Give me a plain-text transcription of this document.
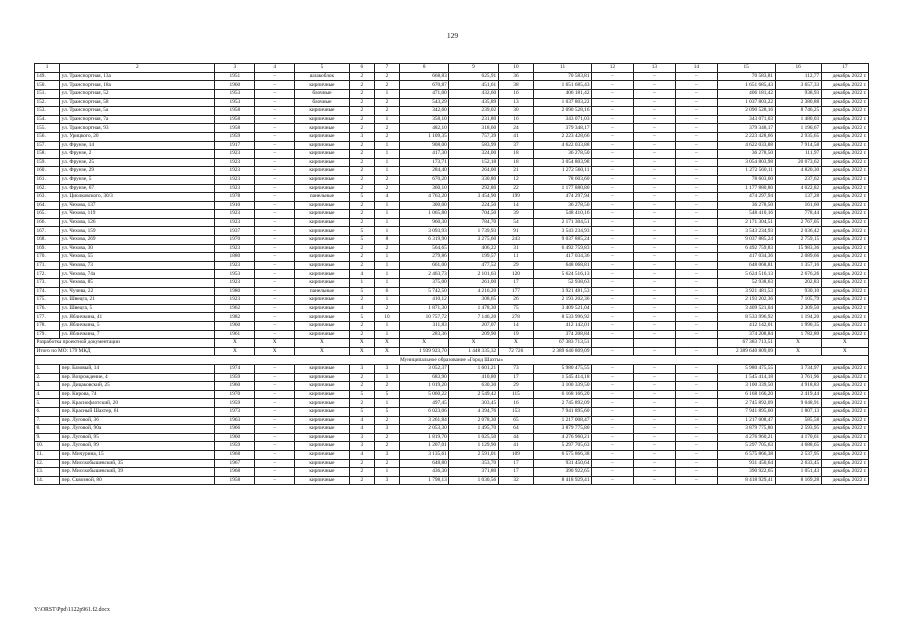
129
1	2	3	4	5	6	7	8	9	10	11	12	13	14	15	16	17
149.	ул. Транспортная, 13а	1951	–	шлакоблок	2	2	668,83	625,91	36	70 583,81	–	–	–	70 583,81	112,77	декабрь 2022 г.
150.	ул. Транспортная, 18а	1960	–	кирпичные	2	2	670,87	451,61	38	1 651 685,43	–	–	–	1 651 685,43	3 657,33	декабрь 2022 г.
151.	ул. Транспортная, 52	1953	–	блочные	2	1	471,00	432,60	16	406 181,42	–	–	–	406 181,42	938,93	декабрь 2022 г.
152.	ул. Транспортная, 58	1953	–	блочные	2	2	543,29	435,89	13	1 037 803,22	–	–	–	1 037 803,22	2 380,88	декабрь 2022 г.
153.	ул. Транспортная, 5а	1958	–	кирпичные	2	2	342,60	239,02	30	2 090 528,16	–	–	–	2 090 528,16	8 746,25	декабрь 2022 г.
154.	ул. Транспортная, 7а	1958	–	кирпичные	2	1	358,10	231,80	16	343 071,03	–	–	–	343 071,03	1 480,03	декабрь 2022 г.
155.	ул. Транспортная, 93	1958	–	кирпичные	2	2	482,10	318,60	24	379 348,17	–	–	–	379 348,17	1 190,67	декабрь 2022 г.
156.	ул. Урицкого, 20	1959	–	кирпичные	3	2	1 109,35	757,39	41	2 223 428,66	–	–	–	2 223 428,66	2 935,65	декабрь 2022 г.
157.	ул. Фрунзе, 14	1917	–	кирпичные	2	1	908,00	583,99	37	4 622 033,88	–	–	–	4 622 033,88	7 914,58	декабрь 2022 г.
158.	ул. Фрунзе, 2	1923	–	кирпичные	2	1	417,30	324,00	18	36 278,50	–	–	–	36 278,50	111,97	декабрь 2022 г.
159.	ул. Фрунзе, 25	1923	–	кирпичные	2	1	173,71	152,18	18	3 054 803,98	–	–	–	3 054 803,98	20 073,62	декабрь 2022 г.
160.	ул. Фрунзе, 29	1923	–	кирпичные	2	1	284,40	264,00	21	1 272 560,11	–	–	–	1 272 560,11	4 820,30	декабрь 2022 г.
161.	ул. Фрунзе, 5	1923	–	кирпичные	2	2	670,20	330,80	12	78 603,60	–	–	–	78 603,60	237,62	декабрь 2022 г.
162.	ул. Фрунзе, 67	1923	–	кирпичные	2	2	360,10	292,80	22	1 177 880,80	–	–	–	1 177 880,80	4 022,82	декабрь 2022 г.
163.	ул. Циолковского, 30/3	1978	–	панельные	5	4	4 763,20	3 454,90	199	474 297,94	–	–	–	474 297,94	137,28	декабрь 2022 г.
164.	ул. Чехова, 137	1910	–	кирпичные	2	1	300,00	224,50	14	36 278,50	–	–	–	36 278,50	161,60	декабрь 2022 г.
165.	ул. Чехова, 119	1923	–	кирпичные	2	1	1 065,80	704,50	39	548 410,16	–	–	–	548 410,16	778,44	декабрь 2022 г.
166.	ул. Чехова, 126	1923	–	кирпичные	2	1	960,30	784,70	54	2 171 304,51	–	–	–	2 171 304,51	2 767,05	декабрь 2022 г.
167.	ул. Чехова, 159	1937	–	кирпичные	5	1	3 093,93	1 739,93	91	3 543 234,93	–	–	–	3 543 234,93	2 036,42	декабрь 2022 г.
168.	ул. Чехова, 269	1970	–	кирпичные	5	8	6 319,90	3 275,60	243	9 037 885,24	–	–	–	9 037 885,24	2 759,15	декабрь 2022 г.
169.	ул. Чехова, 30	1923	–	кирпичные	2	2	564,65	406,22	31	6 492 759,83	–	–	–	6 492 759,83	15 983,36	декабрь 2022 г.
170.	ул. Чехова, 55	1880	–	кирпичные	2	1	279,86	199,57	11	417 034,36	–	–	–	417 034,36	2 089,66	декабрь 2022 г.
171.	ул. Чехова, 73	1923	–	кирпичные	2	1	661,00	477,52	29	648 068,81	–	–	–	648 068,81	1 357,16	декабрь 2022 г.
172.	ул. Чехова, 74а	1953	–	кирпичные	4	1	2 463,73	2 101,63	120	5 624 516,13	–	–	–	5 624 516,13	2 676,26	декабрь 2022 г.
173.	ул. Чехова, 85	1923	–	кирпичные	1	1	375,00	261,00	17	52 938,63	–	–	–	52 938,63	202,83	декабрь 2022 г.
174.	ул. Чучева, 22	1980	–	панельные	5	6	5 742,50	4 216,20	177	3 921 481,53	–	–	–	3 921 481,53	930,10	декабрь 2022 г.
175.	ул. Швецга, 21	1923	–	кирпичные	2	1	410,12	308,65	26	2 193 202,36	–	–	–	2 193 202,36	7 105,79	декабрь 2022 г.
176.	ул. Швецга, 5	1962	–	кирпичные	4	2	1 871,30	1 478,30	75	3 409 521,04	–	–	–	3 409 521,04	2 309,50	декабрь 2022 г.
177.	ул. Ябличкина, 41	1982	–	кирпичные	5	10	10 757,72	7 146,20	278	8 533 996,92	–	–	–	8 533 996,92	1 194,20	декабрь 2022 г.
178.	ул. Ябличкина, 5	1960	–	кирпичные	2	1	311,83	207,07	14	412 142,01	–	–	–	412 142,01	1 990,35	декабрь 2022 г.
179.	ул. Ябличкина, 7	1961	–	кирпичные	2	1	283,36	209,90	19	374 208,84	–	–	–	374 208,84	1 782,80	декабрь 2022 г.
Разработка проектной документации		X	X	X	X	X	X	X	X	67 383 713,51				67 383 713,51	X	X
Итого по МО: 179 МКД		X	X	X	X	X	1 939 923,70	1 448 335,32	72 726	2 389 640 809,09	–	–	–	2 389 640 809,09	X	X
Муниципальное образование «Город Шахты»																
1.	пер. Базовый, 14	1974	–	кирпичные	3	3	3 052,37	1 601,21	73	5 980 475,55	–	–	–	5 980 475,55	3 734,97	декабрь 2022 г.
2.	пер. Возрождение, 4	1959	–	кирпичные	2	1	683,90	410,80	17	1 545 414,18	–	–	–	1 545 414,18	3 761,96	декабрь 2022 г.
3.	пер. Дицаковский, 25	1960	–	кирпичные	2	2	1 019,20	630,30	29	3 100 339,50	–	–	–	3 100 339,50	4 918,83	декабрь 2022 г.
4.	пер. Кирова, 74	1970	–	кирпичные	5	5	5 060,22	2 549,42	115	6 168 166,20	–	–	–	6 168 166,20	2 419,44	декабрь 2022 г.
5.	пер. Красиофлотский, 20	1959	–	кирпичные	2	1	497,45	303,45	16	2 745 892,09	–	–	–	2 745 892,09	9 048,91	декабрь 2022 г.
6.	пер. Красный Шахтер, 61	1973	–	кирпичные	5	5	6 023,06	4 394,76	153	7 941 895,60	–	–	–	7 941 895,60	1 807,13	декабрь 2022 г.
7.	пер. Луговой, 36	1963	–	кирпичные	4	2	3 261,84	2 078,30	65	1 217 008,47	–	–	–	1 217 008,47	585,58	декабрь 2022 г.
8.	пер. Луговой, 90а	1966	–	кирпичные	4	3	2 053,30	1 495,70	64	3 879 775,80	–	–	–	3 879 775,80	2 593,95	декабрь 2022 г.
9.	пер. Луговой, 95	1960	–	кирпичные	3	2	1 819,70	1 025,50	44	4 276 960,21	–	–	–	4 276 960,21	4 170,61	декабрь 2022 г.
10.	пер. Луговой, 99	1959	–	кирпичные	3	2	1 207,01	1 129,90	41	5 297 705,63	–	–	–	5 297 705,63	4 688,65	декабрь 2022 г.
11.	пер. Мичурина, 15	1968	–	кирпичные	4	3	3 135,61	2 591,01	109	6 575 866,38	–	–	–	6 575 866,38	2 537,95	декабрь 2022 г.
12.	пер. Мисскобышевский, 35	1967	–	кирпичные	2	2	648,80	353,70	17	931 450,64	–	–	–	931 450,64	2 633,45	декабрь 2022 г.
13.	пер. Мисскобышевский, 39	1968	–	кирпичные	2	1	436,30	371,80	17	390 922,65	–	–	–	390 922,65	1 051,43	декабрь 2022 г.
14.	пер. Сквозной, 80	1958	–	кирпичные	2	3	1 798,13	1 030,56	32	8 418 929,41	–	–	–	8 418 929,41	8 169,28	декабрь 2022 г.
Y:\ORST\Ppd\1122p961.f2.docx
